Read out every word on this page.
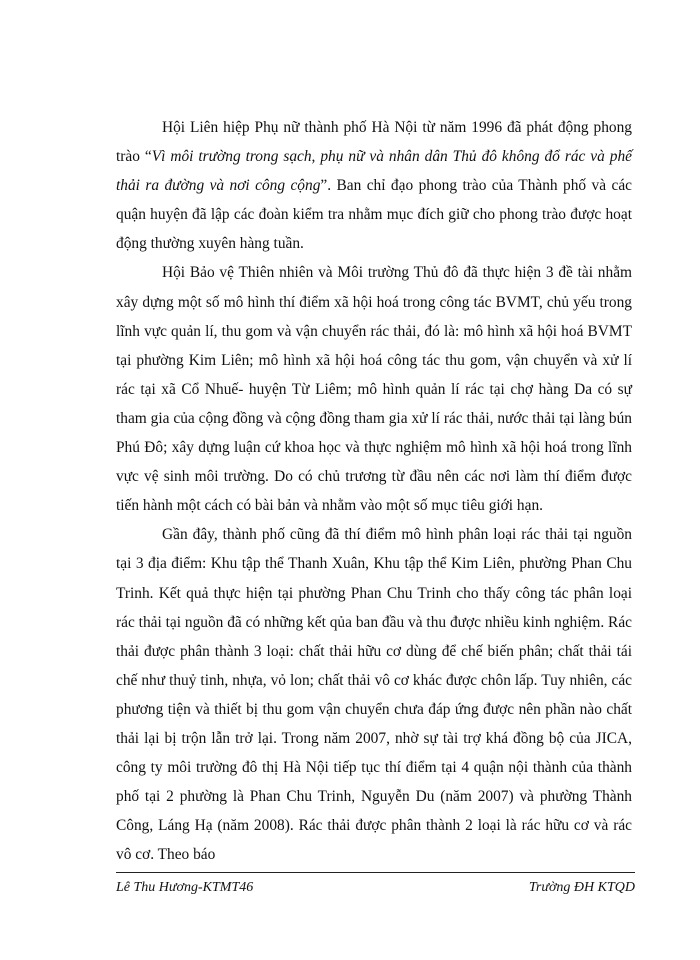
Hội Liên hiệp Phụ nữ thành phố Hà Nội từ năm 1996 đã phát động phong trào “Vì môi trường trong sạch, phụ nữ và nhân dân Thủ đô không đổ rác và phế thải ra đường và nơi công cộng”. Ban chỉ đạo phong trào của Thành phố và các quận huyện đã lập các đoàn kiểm tra nhằm mục đích giữ cho phong trào được hoạt động thường xuyên hàng tuần.

Hội Bảo vệ Thiên nhiên và Môi trường Thủ đô đã thực hiện 3 đề tài nhằm xây dựng một số mô hình thí điểm xã hội hoá trong công tác BVMT, chủ yếu trong lĩnh vực quản lí, thu gom và vận chuyển rác thải, đó là: mô hình xã hội hoá BVMT tại phường Kim Liên; mô hình xã hội hoá công tác thu gom, vận chuyển và xử lí rác tại xã Cổ Nhuế- huyện Từ Liêm; mô hình quản lí rác tại chợ hàng Da có sự tham gia của cộng đồng và cộng đồng tham gia xử lí rác thải, nước thải tại làng bún Phú Đô; xây dựng luận cứ khoa học và thực nghiệm mô hình xã hội hoá trong lĩnh vực vệ sinh môi trường. Do có chủ trương từ đầu nên các nơi làm thí điểm được tiến hành một cách có bài bản và nhằm vào một số mục tiêu giới hạn.

Gần đây, thành phố cũng đã thí điểm mô hình phân loại rác thải tại nguồn tại 3 địa điểm: Khu tập thể Thanh Xuân, Khu tập thể Kim Liên, phường Phan Chu Trinh. Kết quả thực hiện tại phường Phan Chu Trinh cho thấy công tác phân loại rác thải tại nguồn đã có những kết qủa ban đầu và thu được nhiều kinh nghiệm. Rác thải được phân thành 3 loại: chất thải hữu cơ dùng để chế biến phân; chất thải tái chế như thuỷ tinh, nhựa, vỏ lon; chất thải vô cơ khác được chôn lấp. Tuy nhiên, các phương tiện và thiết bị thu gom vận chuyển chưa đáp ứng được nên phần nào chất thải lại bị trộn lẫn trở lại. Trong năm 2007, nhờ sự tài trợ khá đồng bộ của JICA, công ty môi trường đô thị Hà Nội tiếp tục thí điểm tại 4 quận nội thành của thành phố tại 2 phường là Phan Chu Trinh, Nguyễn Du (năm 2007) và phường Thành Công, Láng Hạ (năm 2008). Rác thải được phân thành 2 loại là rác hữu cơ và rác vô cơ. Theo báo

Lê Thu Hương-KTMT46	Trường ĐH KTQD
